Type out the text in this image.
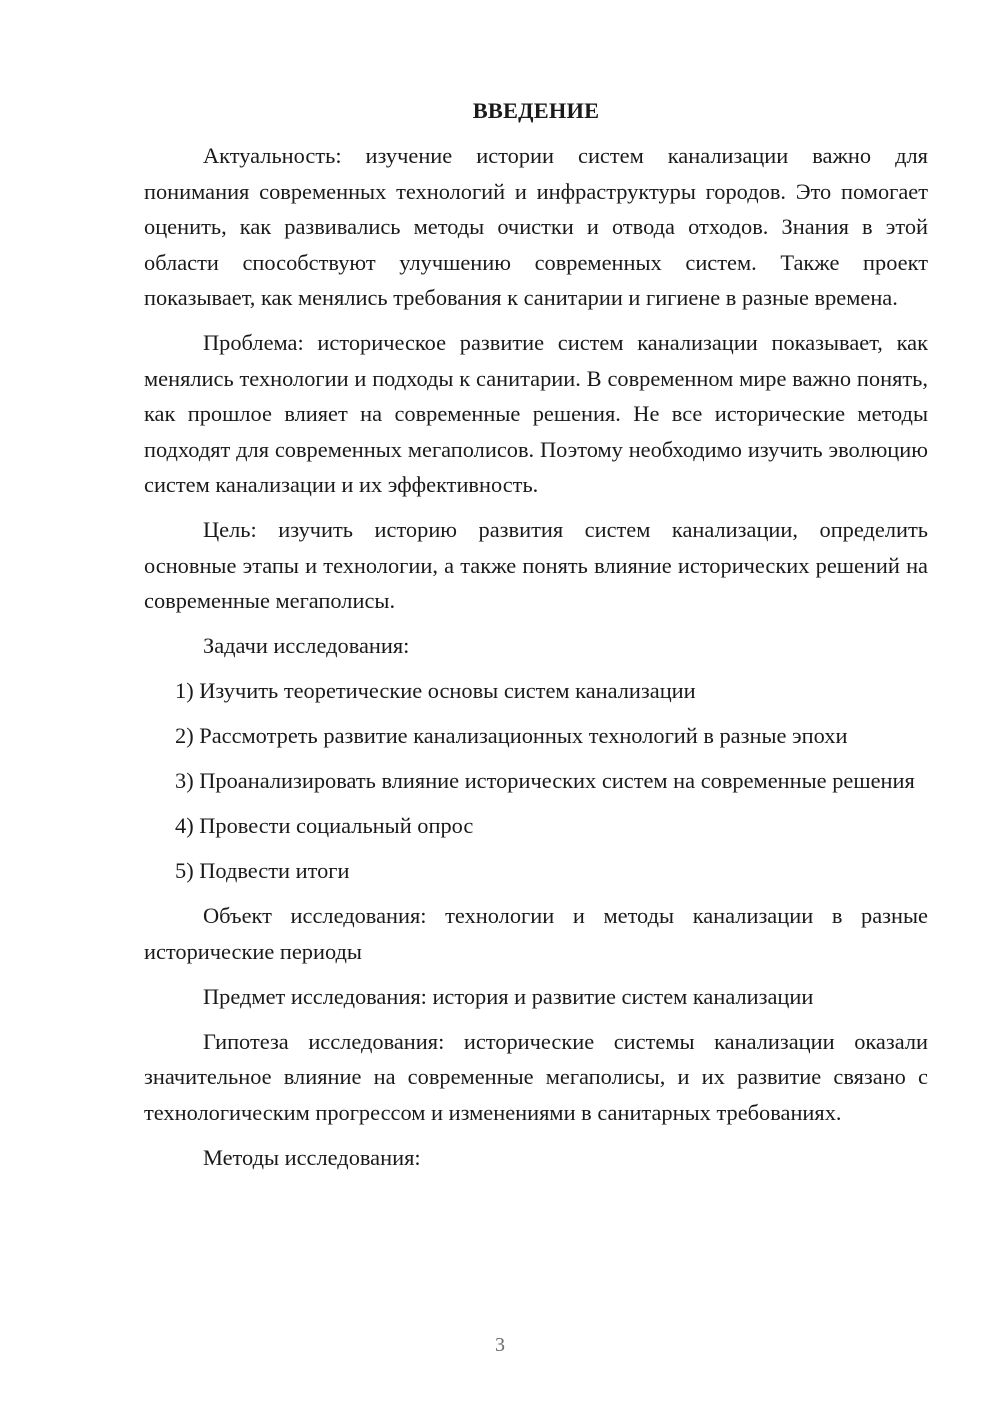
ВВЕДЕНИЕ

Актуальность: изучение истории систем канализации важно для понимания современных технологий и инфраструктуры городов. Это помогает оценить, как развивались методы очистки и отвода отходов. Знания в этой области способствуют улучшению современных систем. Также проект показывает, как менялись требования к санитарии и гигиене в разные времена.

Проблема: историческое развитие систем канализации показывает, как менялись технологии и подходы к санитарии. В современном мире важно понять, как прошлое влияет на современные решения. Не все исторические методы подходят для современных мегаполисов. Поэтому необходимо изучить эволюцию систем канализации и их эффективность.

Цель: изучить историю развития систем канализации, определить основные этапы и технологии, а также понять влияние исторических решений на современные мегаполисы.

Задачи исследования:

1) Изучить теоретические основы систем канализации

2) Рассмотреть развитие канализационных технологий в разные эпохи

3) Проанализировать влияние исторических систем на современные решения

4) Провести социальный опрос

5) Подвести итоги

Объект исследования: технологии и методы канализации в разные исторические периоды

Предмет исследования: история и развитие систем канализации

Гипотеза исследования: исторические системы канализации оказали значительное влияние на современные мегаполисы, и их развитие связано с технологическим прогрессом и изменениями в санитарных требованиях.

Методы исследования:

3
